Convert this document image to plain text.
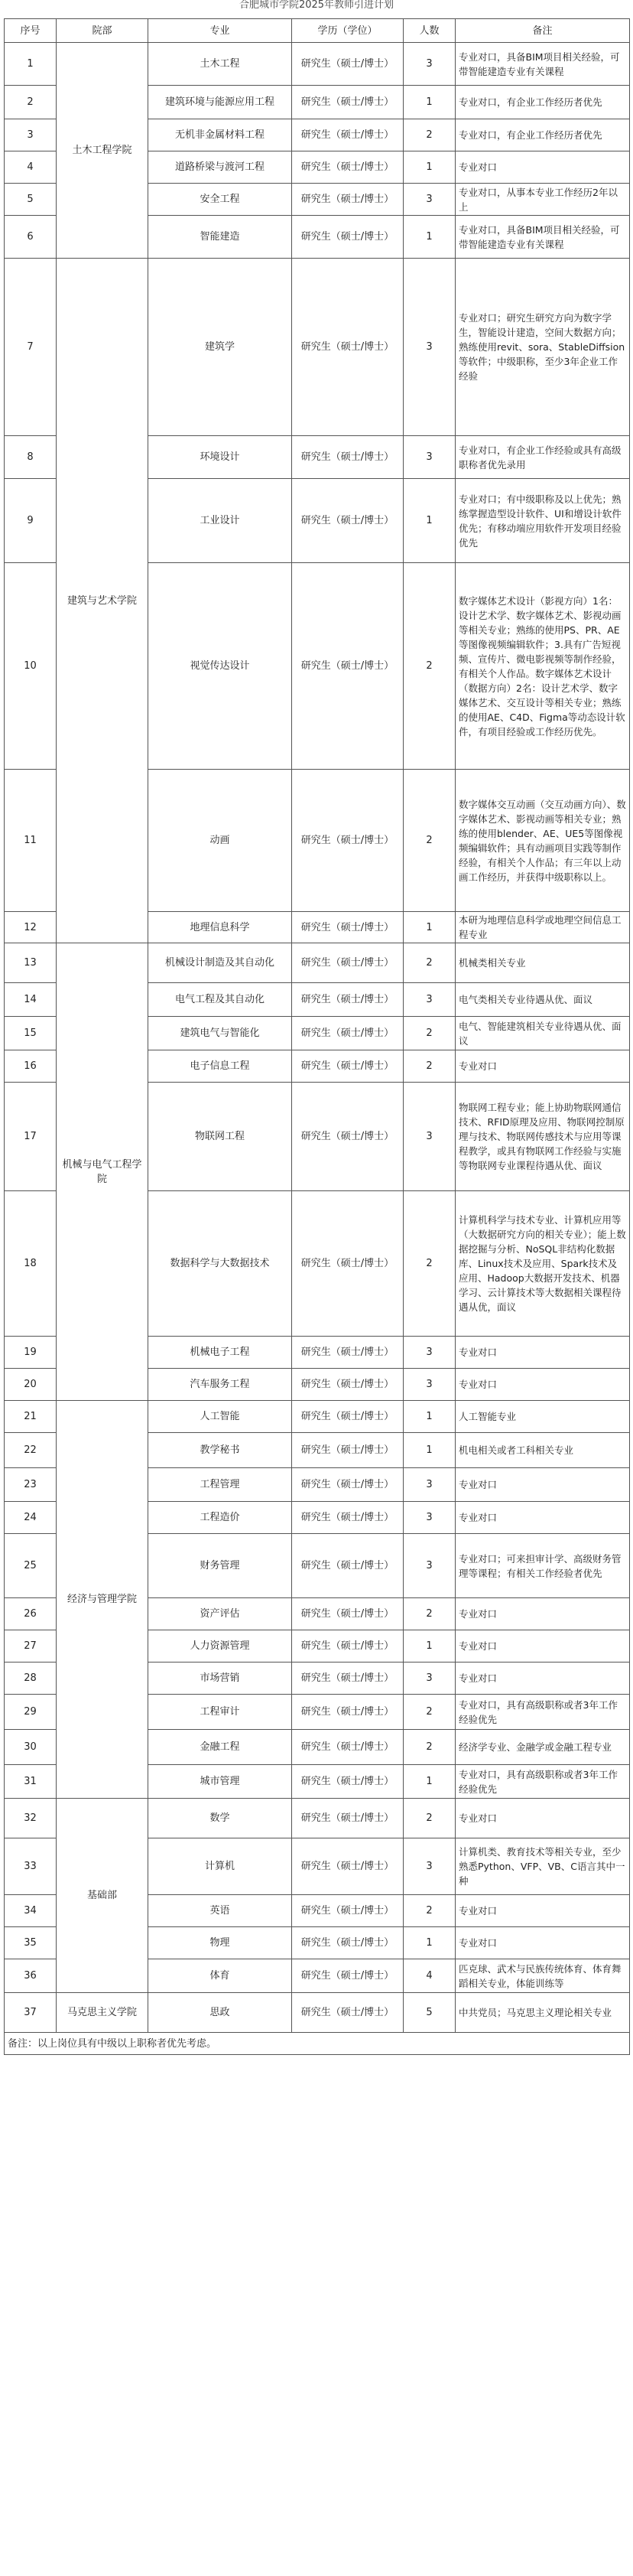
合肥城市学院2025年教师引进计划
序号	院部	专业	学历（学位）	人数	备注
1	土木工程学院	土木工程	研究生（硕士/博士）	3	专业对口，具备BIM项目相关经验，可带智能建造专业有关课程
2		建筑环境与能源应用工程	研究生（硕士/博士）	1	专业对口，有企业工作经历者优先
3		无机非金属材料工程	研究生（硕士/博士）	2	专业对口，有企业工作经历者优先
4		道路桥梁与渡河工程	研究生（硕士/博士）	1	专业对口
5		安全工程	研究生（硕士/博士）	3	专业对口，从事本专业工作经历2年以上
6		智能建造	研究生（硕士/博士）	1	专业对口，具备BIM项目相关经验，可带智能建造专业有关课程
7	建筑与艺术学院	建筑学	研究生（硕士/博士）	3	专业对口；研究生研究方向为数字学生，智能设计建造，空间大数据方向；熟练使用revit、sora、StableDiffsion等软件；中级职称，至少3年企业工作经验
8		环境设计	研究生（硕士/博士）	3	专业对口，有企业工作经验或具有高级职称者优先录用
9		工业设计	研究生（硕士/博士）	1	专业对口；有中级职称及以上优先；熟练掌握造型设计软件、UI和增设计软件优先；有移动端应用软件开发项目经验优先
10		视觉传达设计	研究生（硕士/博士）	2	数字媒体艺术设计（影视方向）1名：设计艺术学、数字媒体艺术、影视动画等相关专业；熟练的使用PS、PR、AE等图像视频编辑软件；3.具有广告短视频、宣传片、微电影视频等制作经验，有相关个人作品。数字媒体艺术设计（数据方向）2名：设计艺术学、数字媒体艺术、交互设计等相关专业；熟练的使用AE、C4D、Figma等动态设计软件，有项目经验或工作经历优先。
11		动画	研究生（硕士/博士）	2	数字媒体交互动画（交互动画方向）、数字媒体艺术、影视动画等相关专业；熟练的使用blender、AE、UE5等图像视频编辑软件；具有动画项目实践等制作经验，有相关个人作品；有三年以上动画工作经历，并获得中级职称以上。
12		地理信息科学	研究生（硕士/博士）	1	本研为地理信息科学或地理空间信息工程专业
13	机械与电气工程学院	机械设计制造及其自动化	研究生（硕士/博士）	2	机械类相关专业
14		电气工程及其自动化	研究生（硕士/博士）	3	电气类相关专业待遇从优、面议
15		建筑电气与智能化	研究生（硕士/博士）	2	电气、智能建筑相关专业待遇从优、面议
16		电子信息工程	研究生（硕士/博士）	2	专业对口
17		物联网工程	研究生（硕士/博士）	3	物联网工程专业；能上协助物联网通信技术、RFID原理及应用、物联网控制原理与技术、物联网传感技术与应用等课程教学，或具有物联网工作经验与实施等物联网专业课程待遇从优、面议
18		数据科学与大数据技术	研究生（硕士/博士）	2	计算机科学与技术专业、计算机应用等（大数据研究方向的相关专业）；能上数据挖掘与分析、NoSQL非结构化数据库、Linux技术及应用、Spark技术及应用、Hadoop大数据开发技术、机器学习、云计算技术等大数据相关课程待遇从优，面议
19		机械电子工程	研究生（硕士/博士）	3	专业对口
20		汽车服务工程	研究生（硕士/博士）	3	专业对口
21	经济与管理学院	人工智能	研究生（硕士/博士）	1	人工智能专业
22		教学秘书	研究生（硕士/博士）	1	机电相关或者工科相关专业
23		工程管理	研究生（硕士/博士）	3	专业对口
24		工程造价	研究生（硕士/博士）	3	专业对口
25		财务管理	研究生（硕士/博士）	3	专业对口；可来担审计学、高级财务管理等课程；有相关工作经验者优先
26		资产评估	研究生（硕士/博士）	2	专业对口
27		人力资源管理	研究生（硕士/博士）	1	专业对口
28		市场营销	研究生（硕士/博士）	3	专业对口
29		工程审计	研究生（硕士/博士）	2	专业对口，具有高级职称或者3年工作经验优先
30		金融工程	研究生（硕士/博士）	2	经济学专业、金融学或金融工程专业
31		城市管理	研究生（硕士/博士）	1	专业对口，具有高级职称或者3年工作经验优先
32	基础部	数学	研究生（硕士/博士）	2	专业对口
33		计算机	研究生（硕士/博士）	3	计算机类、教育技术等相关专业，至少熟悉Python、VFP、VB、C语言其中一种
34		英语	研究生（硕士/博士）	2	专业对口
35		物理	研究生（硕士/博士）	1	专业对口
36		体育	研究生（硕士/博士）	4	匹克球、武术与民族传统体育、体育舞蹈相关专业，体能训练等
37	马克思主义学院	思政	研究生（硕士/博士）	5	中共党员；马克思主义理论相关专业
备注：以上岗位具有中级以上职称者优先考虑。					
